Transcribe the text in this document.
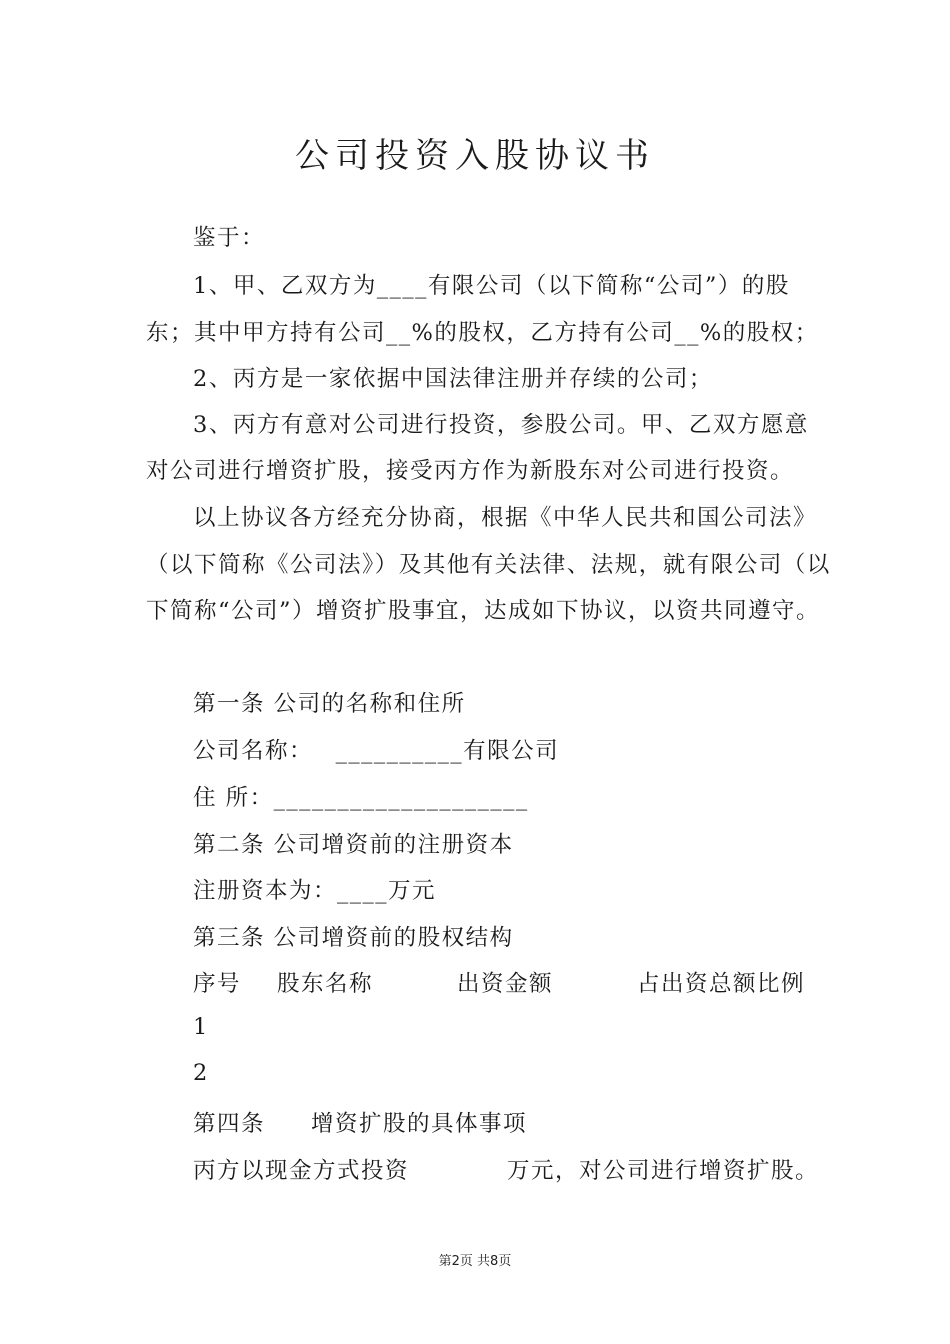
公司投资入股协议书
鉴于：
1、甲、乙双方为____有限公司（以下简称“公司”）的股
东；其中甲方持有公司__%的股权，乙方持有公司__%的股权；
2、丙方是一家依据中国法律注册并存续的公司；
3、丙方有意对公司进行投资，参股公司。甲、乙双方愿意
对公司进行增资扩股，接受丙方作为新股东对公司进行投资。
以上协议各方经充分协商，根据《中华人民共和国公司法》
（以下简称《公司法》）及其他有关法律、法规，就有限公司（以
下简称“公司”）增资扩股事宜，达成如下协议，以资共同遵守。
第一条 公司的名称和住所
公司名称： __________有限公司
住 所：____________________
第二条 公司增资前的注册资本
注册资本为：____万元
第三条 公司增资前的股权结构
序号 股东名称	出资金额	占出资总额比例
1
2
第四条 增资扩股的具体事项
丙方以现金方式投资	万元，对公司进行增资扩股。
第2页 共8页
